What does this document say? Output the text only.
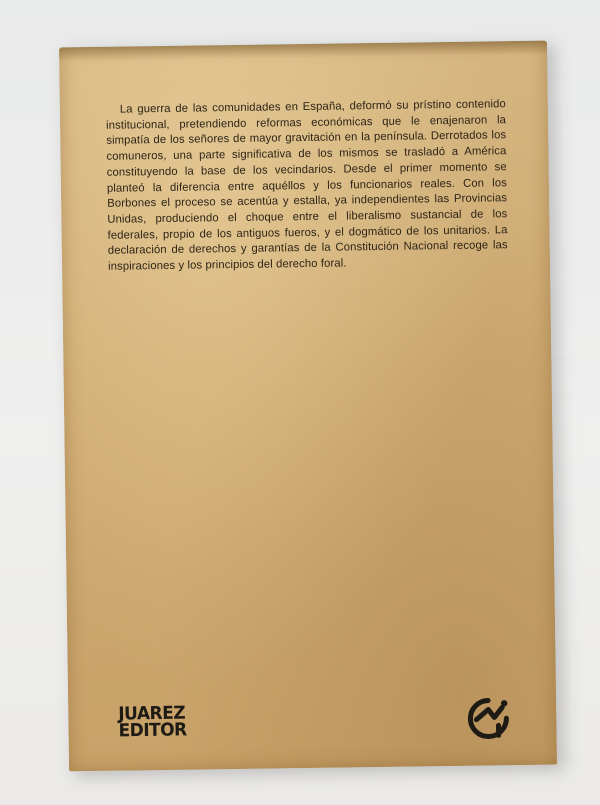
La guerra de las comunidades en España, deformó su prístino contenido institucional, pretendiendo reformas económicas que le enajenaron la simpatía de los señores de mayor gravitación en la península. Derrotados los comuneros, una parte significativa de los mismos se trasladó a América constituyendo la base de los vecindarios. Desde el primer momento se planteó la diferencia entre aquéllos y los funcionarios reales. Con los Borbones el proceso se acentúa y estalla, ya independientes las Provincias Unidas, produciendo el choque entre el liberalismo sustancial de los federales, propio de los antiguos fueros, y el dogmático de los unitarios. La declaración de derechos y garantías de la Constitución Nacional recoge las inspiraciones y los principios del derecho foral.

JUAREZ
EDITOR
